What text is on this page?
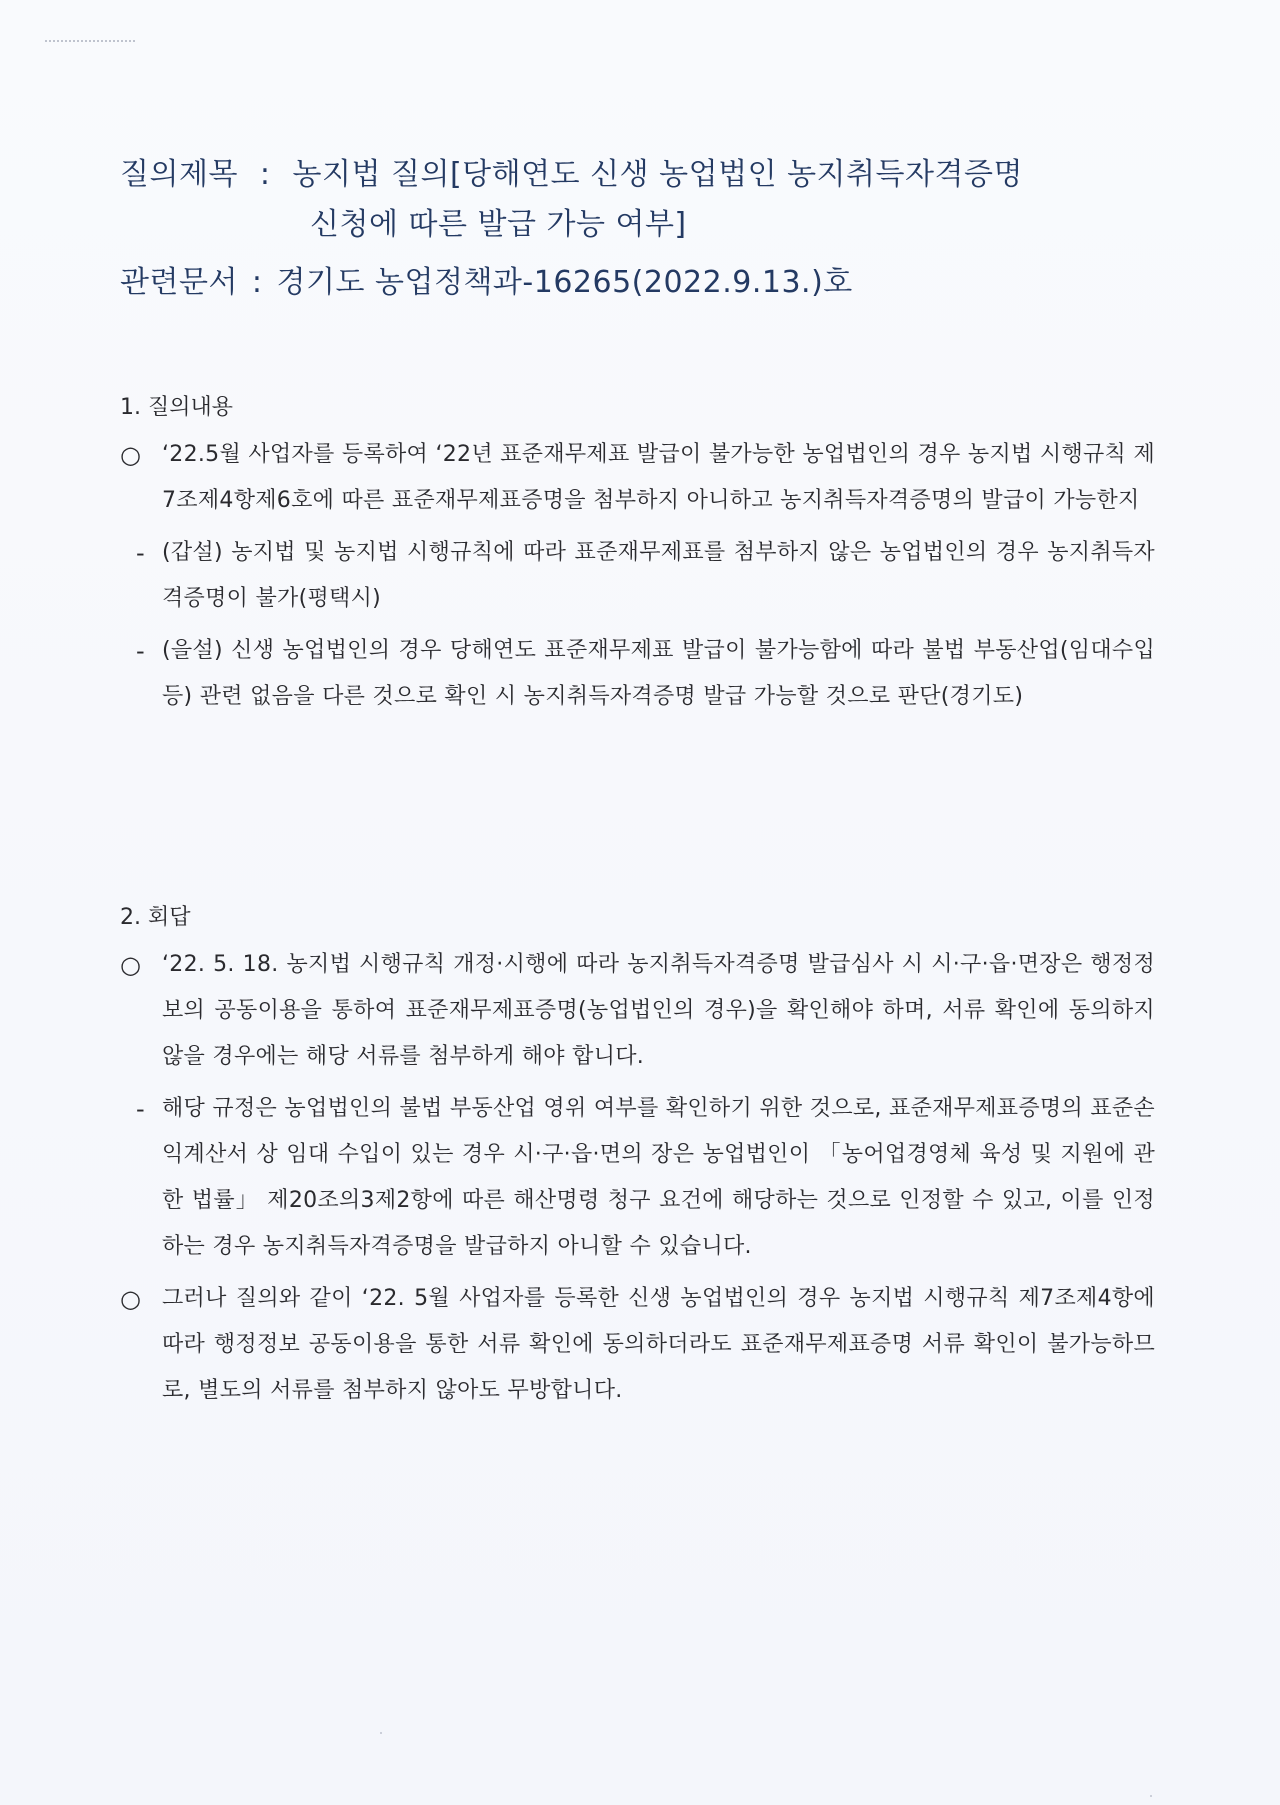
질의제목 : 농지법 질의[당해연도 신생 농업법인 농지취득자격증명
신청에 따른 발급 가능 여부]
관련문서 : 경기도 농업정책과-16265(2022.9.13.)호
1. 질의내용
○ ‘22.5월 사업자를 등록하여 ‘22년 표준재무제표 발급이 불가능한 농업법인의 경우 농지법 시행규칙 제7조제4항제6호에 따른 표준재무제표증명을 첨부하지 아니하고 농지취득자격증명의 발급이 가능한지
- (갑설) 농지법 및 농지법 시행규칙에 따라 표준재무제표를 첨부하지 않은 농업법인의 경우 농지취득자격증명이 불가(평택시)
- (을설) 신생 농업법인의 경우 당해연도 표준재무제표 발급이 불가능함에 따라 불법 부동산업(임대수입 등) 관련 없음을 다른 것으로 확인 시 농지취득자격증명 발급 가능할 것으로 판단(경기도)
2. 회답
○ ‘22. 5. 18. 농지법 시행규칙 개정·시행에 따라 농지취득자격증명 발급심사 시 시·구·읍·면장은 행정정보의 공동이용을 통하여 표준재무제표증명(농업법인의 경우)을 확인해야 하며, 서류 확인에 동의하지 않을 경우에는 해당 서류를 첨부하게 해야 합니다.
- 해당 규정은 농업법인의 불법 부동산업 영위 여부를 확인하기 위한 것으로, 표준재무제표증명의 표준손익계산서 상 임대 수입이 있는 경우 시·구·읍·면의 장은 농업법인이 「농어업경영체 육성 및 지원에 관한 법률」 제20조의3제2항에 따른 해산명령 청구 요건에 해당하는 것으로 인정할 수 있고, 이를 인정하는 경우 농지취득자격증명을 발급하지 아니할 수 있습니다.
○ 그러나 질의와 같이 ‘22. 5월 사업자를 등록한 신생 농업법인의 경우 농지법 시행규칙 제7조제4항에 따라 행정정보 공동이용을 통한 서류 확인에 동의하더라도 표준재무제표증명 서류 확인이 불가능하므로, 별도의 서류를 첨부하지 않아도 무방합니다.
